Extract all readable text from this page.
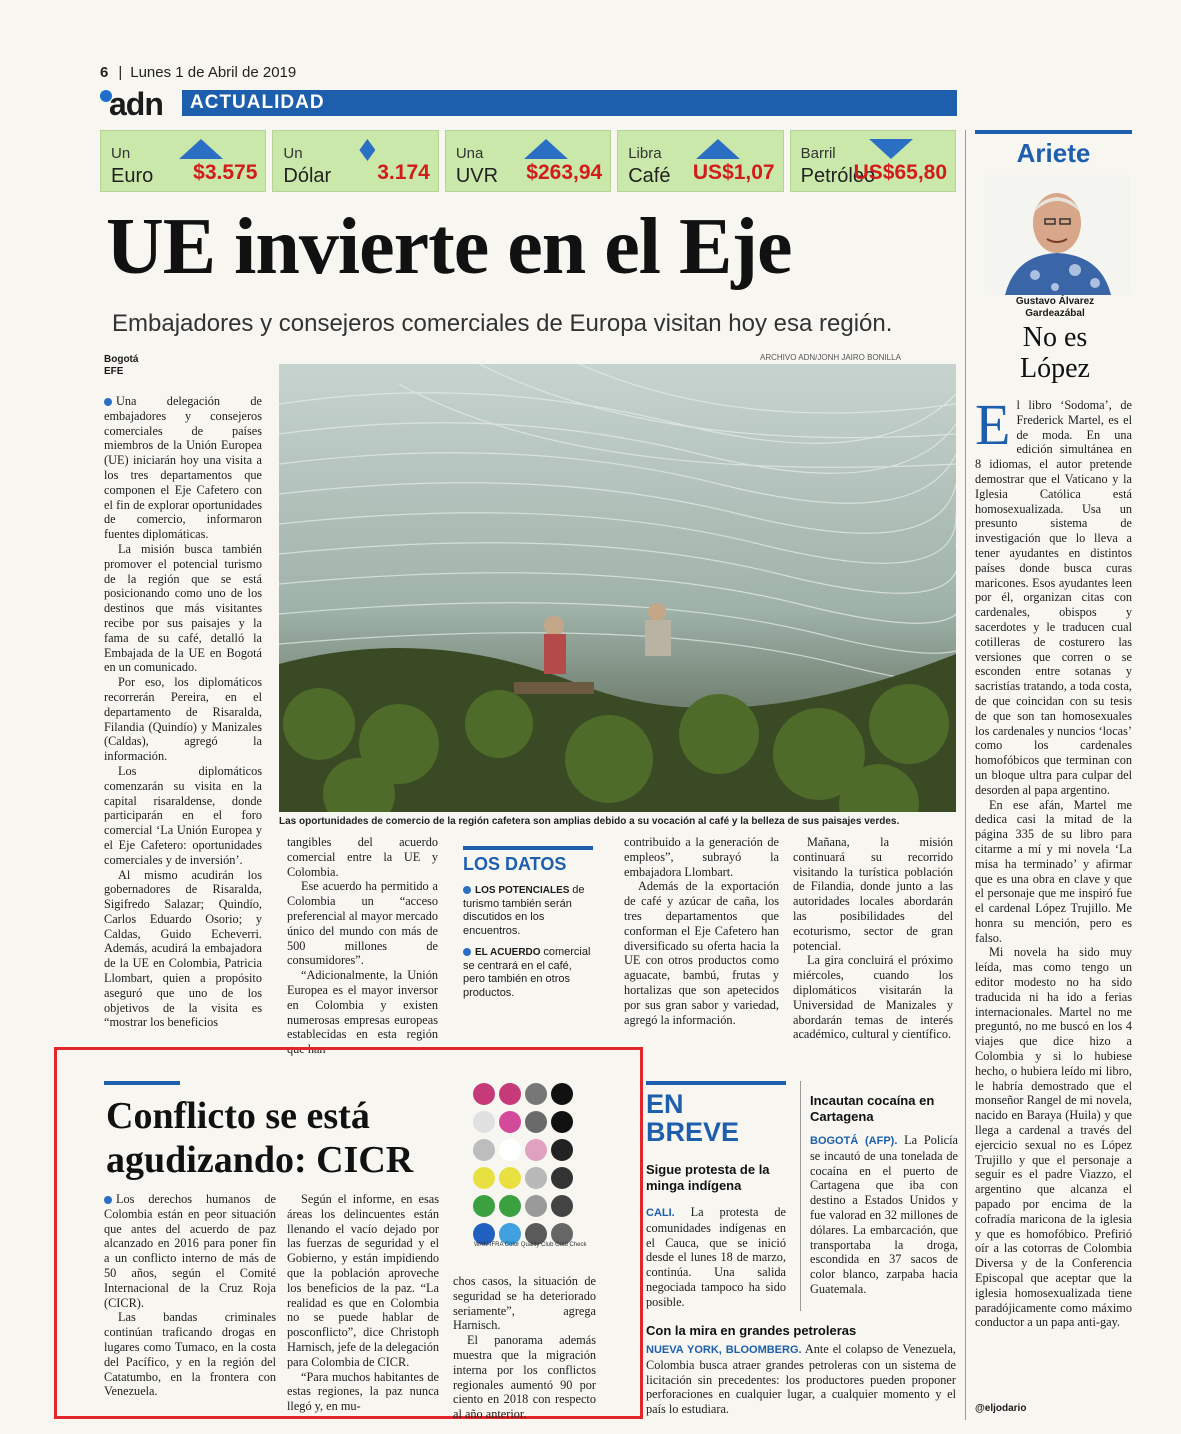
6 | Lunes 1 de Abril de 2019
adn	ACTUALIDAD
Un
Euro $3.575
Un
Dólar 3.174
Una
UVR $263,94
Libra
Café US$1,07
Barril
Petróleo
US$65,80
UE invierte en el Eje
Embajadores y consejeros comerciales de Europa visitan hoy esa región.
Bogotá
EFE
ARCHIVO ADN/JONH JAIRO BONILLA
Las oportunidades de comercio de la región cafetera son amplias debido a su vocación al café y la belleza de sus paisajes verdes.

Una delegación de embajadores y consejeros comerciales de países miembros de la Unión Europea (UE) iniciarán hoy una visita a los tres departamentos que componen el Eje Cafetero con el fin de explorar oportunidades de comercio, informaron fuentes diplomáticas.

La misión busca también promover el potencial turismo de la región que se está posicionando como uno de los destinos que más visitantes recibe por sus paisajes y la fama de su café, detalló la Embajada de la UE en Bogotá en un comunicado.

Por eso, los diplomáticos recorrerán Pereira, en el departamento de Risaralda, Filandia (Quindío) y Manizales (Caldas), agregó la información.

Los diplomáticos comenzarán su visita en la capital risaraldense, donde participarán en el foro comercial ‘La Unión Europea y el Eje Cafetero: oportunidades comerciales y de inversión’.

Al mismo acudirán los gobernadores de Risaralda, Sigifredo Salazar; Quindío, Carlos Eduardo Osorio; y Caldas, Guido Echeverri. Además, acudirá la embajadora de la UE en Colombia, Patricia Llombart, quien a propósito aseguró que uno de los objetivos de la visita es “mostrar los beneficios

tangibles del acuerdo comercial entre la UE y Colombia.

Ese acuerdo ha permitido a Colombia un “acceso preferencial al mayor mercado único del mundo con más de 500 millones de consumidores”.

“Adicionalmente, la Unión Europea es el mayor inversor en Colombia y existen numerosas empresas europeas establecidas en esta región que han

contribuido a la generación de empleos”, subrayó la embajadora Llombart.

Además de la exportación de café y azúcar de caña, los tres departamentos que conforman el Eje Cafetero han diversificado su oferta hacia la UE con otros productos como aguacate, bambú, frutas y hortalizas que son apetecidos por sus gran sabor y variedad, agregó la información.

Mañana, la misión continuará su recorrido visitando la turística población de Filandia, donde junto a las autoridades locales abordarán las posibilidades del ecoturismo, sector de gran potencial.

La gira concluirá el próximo miércoles, cuando los diplomáticos visitarán la Universidad de Manizales y abordarán temas de interés académico, cultural y científico.

LOS DATOS

LOS POTENCIALES de turismo también serán discutidos en los encuentros.

EL ACUERDO comercial se centrará en el café, pero también en otros productos.

Ariete
Gustavo Álvarez
Gardeazábal
No es
López

El libro ‘Sodoma’, de Frederick Martel, es el de moda. En una edición simultánea en 8 idiomas, el autor pretende demostrar que el Vaticano y la Iglesia Católica está homosexualizada. Usa un presunto sistema de investigación que lo lleva a tener ayudantes en distintos países donde busca curas maricones. Esos ayudantes leen por él, organizan citas con cardenales, obispos y sacerdotes y le traducen cual cotilleras de costurero las versiones que corren o se esconden entre sotanas y sacristías tratando, a toda costa, de que coincidan con su tesis de que son tan homosexuales los cardenales y nuncios ‘locas’ como los cardenales homofóbicos que terminan con un bloque ultra para culpar del desorden al papa argentino.

En ese afán, Martel me dedica casi la mitad de la página 335 de su libro para citarme a mí y mi novela ‘La misa ha terminado’ y afirmar que es una obra en clave y que el personaje que me inspiró fue el cardenal López Trujillo. Me honra su mención, pero es falso.

Mi novela ha sido muy leída, mas como tengo un editor modesto no ha sido traducida ni ha ido a ferias internacionales. Martel no me preguntó, no me buscó en los 4 viajes que dice hizo a Colombia y si lo hubiese hecho, o hubiera leído mi libro, le habría demostrado que el monseñor Rangel de mi novela, nacido en Baraya (Huila) y que llega a cardenal a través del ejercicio sexual no es López Trujillo y que el personaje a seguir es el padre Viazzo, el argentino que alcanza el papado por encima de la cofradía maricona de la iglesia y que es homofóbico. Prefirió oír a las cotorras de Colombia Diversa y de la Conferencia Episcopal que aceptar que la iglesia homosexualizada tiene paradójicamente como máximo conductor a un papa anti-gay.

@eljodario
Conflicto se está agudizando: CICR
WAN-IFRA Color Quality Club Gold Check

Los derechos humanos de Colombia están en peor situación que antes del acuerdo de paz alcanzado en 2016 para poner fin a un conflicto interno de más de 50 años, según el Comité Internacional de la Cruz Roja (CICR).

Las bandas criminales continúan traficando drogas en lugares como Tumaco, en la costa del Pacífico, y en la región del Catatumbo, en la frontera con Venezuela.

Según el informe, en esas áreas los delincuentes están llenando el vacío dejado por las fuerzas de seguridad y el Gobierno, y están impidiendo que la población aproveche los beneficios de la paz. “La realidad es que en Colombia no se puede hablar de posconflicto”, dice Christoph Harnisch, jefe de la delegación para Colombia de CICR.

“Para muchos habitantes de estas regiones, la paz nunca llegó y, en mu-

chos casos, la situación de seguridad se ha deteriorado seriamente”, agrega Harnisch.

El panorama además muestra que la migración interna por los conflictos regionales aumentó 90 por ciento en 2018 con respecto al año anterior.

EN
BREVE
Sigue protesta de la minga indígena
CALI. La protesta de comunidades indígenas en el Cauca, que se inició desde el lunes 18 de marzo, continúa. Una salida negociada tampoco ha sido posible.
Incautan cocaína en Cartagena
BOGOTÁ (AFP). La Policía se incautó de una tonelada de cocaína en el puerto de Cartagena que iba con destino a Estados Unidos y fue valorad en 32 millones de dólares. La embarcación, que transportaba la droga, escondida en 37 sacos de color blanco, zarpaba hacia Guatemala.
Con la mira en grandes petroleras
NUEVA YORK, BLOOMBERG. Ante el colapso de Venezuela, Colombia busca atraer grandes petroleras con un sistema de licitación sin precedentes: los productores pueden proponer perforaciones en cualquier lugar, a cualquier momento y el país lo estudiara.
